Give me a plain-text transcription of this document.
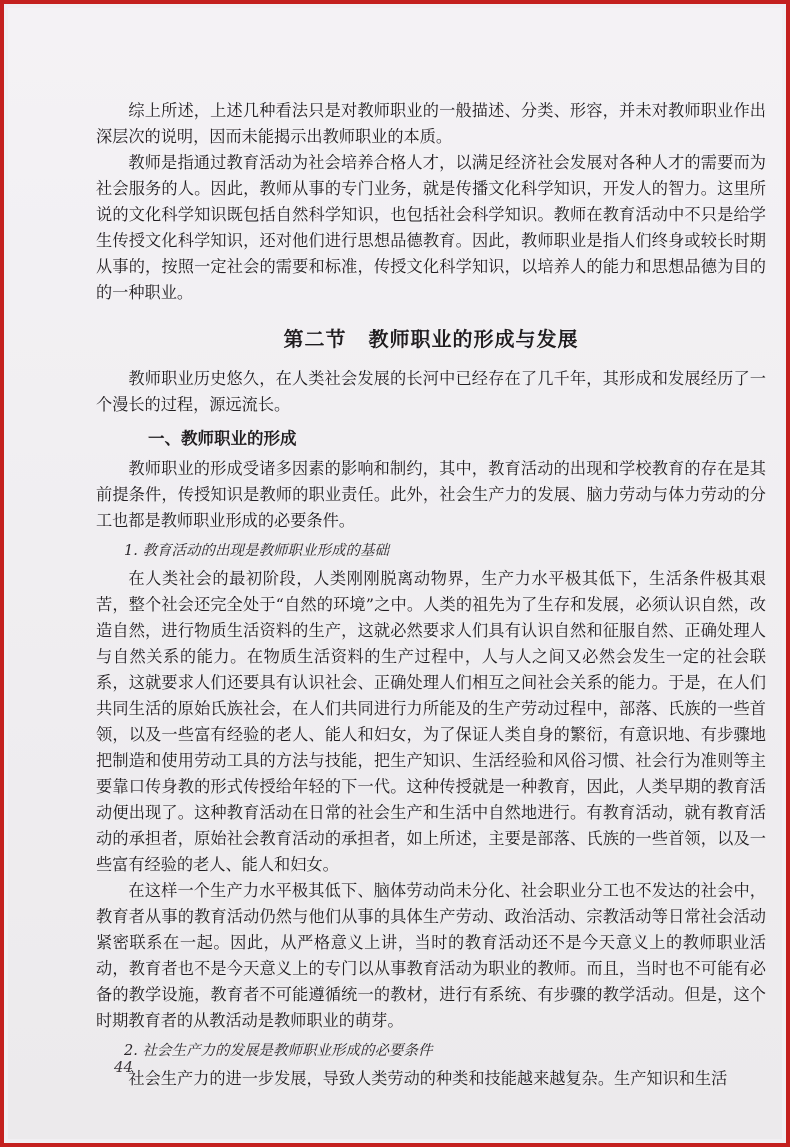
综上所述，上述几种看法只是对教师职业的一般描述、分类、形容，并未对教师职业作出深层次的说明，因而未能揭示出教师职业的本质。

教师是指通过教育活动为社会培养合格人才，以满足经济社会发展对各种人才的需要而为社会服务的人。因此，教师从事的专门业务，就是传播文化科学知识，开发人的智力。这里所说的文化科学知识既包括自然科学知识，也包括社会科学知识。教师在教育活动中不只是给学生传授文化科学知识，还对他们进行思想品德教育。因此，教师职业是指人们终身或较长时期从事的，按照一定社会的需要和标准，传授文化科学知识，以培养人的能力和思想品德为目的的一种职业。

第二节 教师职业的形成与发展

教师职业历史悠久，在人类社会发展的长河中已经存在了几千年，其形成和发展经历了一个漫长的过程，源远流长。

一、教师职业的形成

教师职业的形成受诸多因素的影响和制约，其中，教育活动的出现和学校教育的存在是其前提条件，传授知识是教师的职业责任。此外，社会生产力的发展、脑力劳动与体力劳动的分工也都是教师职业形成的必要条件。

1. 教育活动的出现是教师职业形成的基础

在人类社会的最初阶段，人类刚刚脱离动物界，生产力水平极其低下，生活条件极其艰苦，整个社会还完全处于“自然的环境”之中。人类的祖先为了生存和发展，必须认识自然，改造自然，进行物质生活资料的生产，这就必然要求人们具有认识自然和征服自然、正确处理人与自然关系的能力。在物质生活资料的生产过程中，人与人之间又必然会发生一定的社会联系，这就要求人们还要具有认识社会、正确处理人们相互之间社会关系的能力。于是，在人们共同生活的原始氏族社会，在人们共同进行力所能及的生产劳动过程中，部落、氏族的一些首领，以及一些富有经验的老人、能人和妇女，为了保证人类自身的繁衍，有意识地、有步骤地把制造和使用劳动工具的方法与技能，把生产知识、生活经验和风俗习惯、社会行为准则等主要靠口传身教的形式传授给年轻的下一代。这种传授就是一种教育，因此，人类早期的教育活动便出现了。这种教育活动在日常的社会生产和生活中自然地进行。有教育活动，就有教育活动的承担者，原始社会教育活动的承担者，如上所述，主要是部落、氏族的一些首领，以及一些富有经验的老人、能人和妇女。

在这样一个生产力水平极其低下、脑体劳动尚未分化、社会职业分工也不发达的社会中，教育者从事的教育活动仍然与他们从事的具体生产劳动、政治活动、宗教活动等日常社会活动紧密联系在一起。因此，从严格意义上讲，当时的教育活动还不是今天意义上的教师职业活动，教育者也不是今天意义上的专门以从事教育活动为职业的教师。而且，当时也不可能有必备的教学设施，教育者不可能遵循统一的教材，进行有系统、有步骤的教学活动。但是，这个时期教育者的从教活动是教师职业的萌芽。

2. 社会生产力的发展是教师职业形成的必要条件

社会生产力的进一步发展，导致人类劳动的种类和技能越来越复杂。生产知识和生活

44
